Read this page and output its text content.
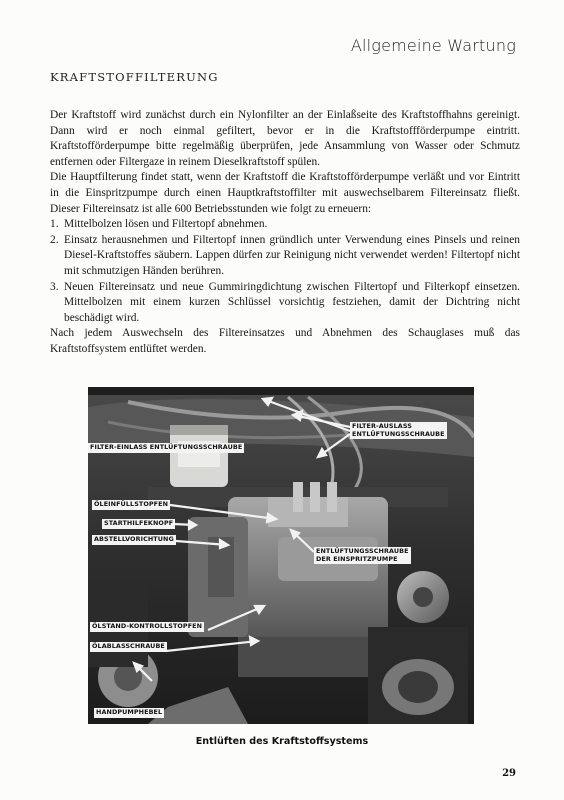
Allgemeine Wartung
KRAFTSTOFFILTERUNG

Der Kraftstoff wird zunächst durch ein Nylonfilter an der Einlaßseite des Kraftstoffhahns gereinigt. Dann wird er noch einmal gefiltert, bevor er in die Kraftstoffförderpumpe eintritt. Kraftstofförderpumpe bitte regelmäßig überprüfen, jede Ansammlung von Wasser oder Schmutz entfernen oder Filtergaze in reinem Dieselkraftstoff spülen.

Die Hauptfilterung findet statt, wenn der Kraftstoff die Kraftstofförderpumpe verläßt und vor Eintritt in die Einspritzpumpe durch einen Hauptkraftstoffilter mit auswechselbarem Filtereinsatz fließt. Dieser Filtereinsatz ist alle 600 Betriebsstunden wie folgt zu erneuern:

1. Mittelbolzen lösen und Filtertopf abnehmen.
2. Einsatz herausnehmen und Filtertopf innen gründlich unter Verwendung eines Pinsels und reinen Diesel-Kraftstoffes säubern. Lappen dürfen zur Reinigung nicht verwendet werden! Filtertopf nicht mit schmutzigen Händen berühren.
3. Neuen Filtereinsatz und neue Gummiringdichtung zwischen Filtertopf und Filterkopf einsetzen. Mittelbolzen mit einem kurzen Schlüssel vorsichtig festziehen, damit der Dichtring nicht beschädigt wird.

Nach jedem Auswechseln des Filtereinsatzes und Abnehmen des Schauglases muß das Kraftstoffsystem entlüftet werden.

FILTER-AUSLASS
ENTLÜFTUNGSSCHRAUBE
FILTER-EINLASS ENTLÜFTUNGSSCHRAUBE
ÖLEINFÜLLSTOPFEN
STARTHILFEKNOPF
ABSTELLVORICHTUNG
ENTLÜFTUNGSSCHRAUBE
DER EINSPRITZPUMPE
ÖLSTAND-KONTROLLSTOPFEN
ÖLABLASSCHRAUBE
HANDPUMPHEBEL
Entlüften des Kraftstoffsystems
29
